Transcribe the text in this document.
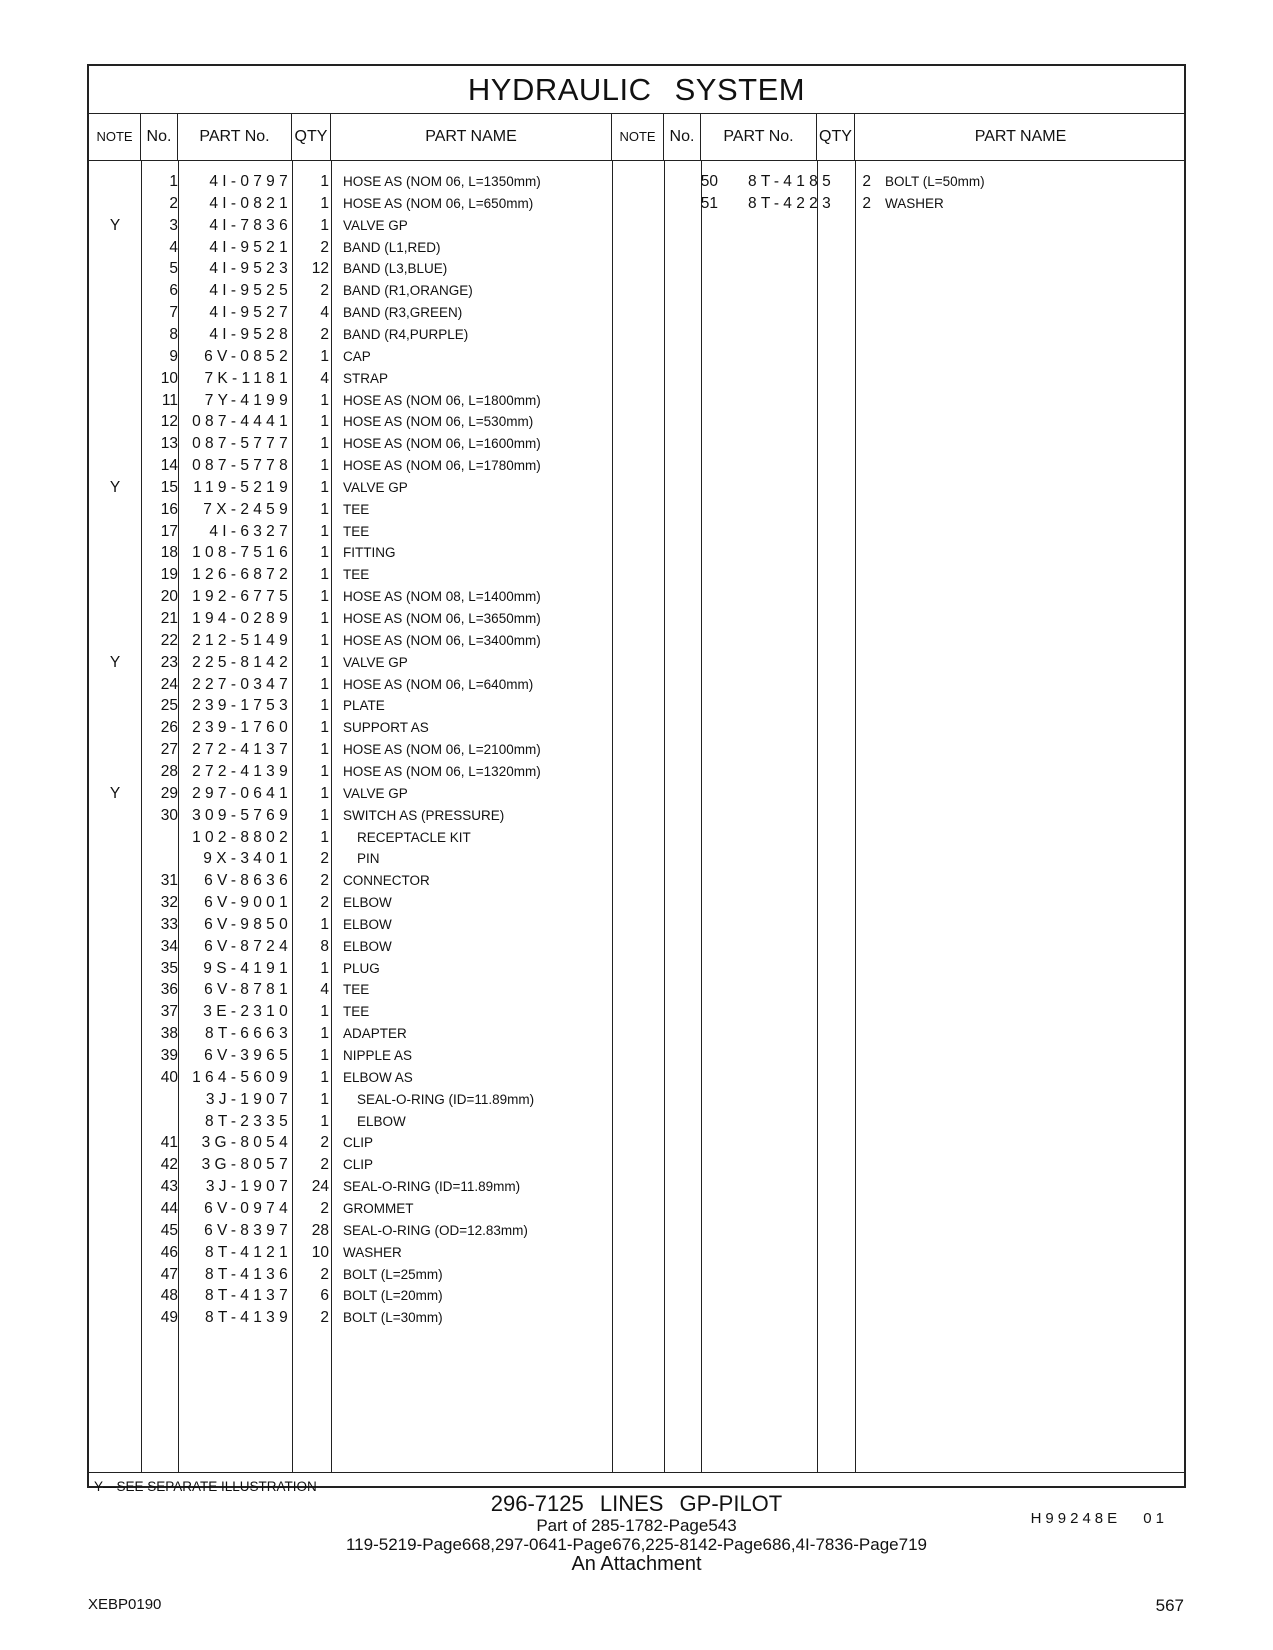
HYDRAULIC SYSTEM
NOTE No.	PART No.	QTY	PART NAME	NOTE No.	PART No.	QTY	PART NAME
1	4I-0797	1 HOSE AS (NOM 06, L=1350mm)
2	4I-0821	1 HOSE AS (NOM 06, L=650mm)
Y	3	4I-7836	1 VALVE GP
4	4I-9521	2 BAND (L1,RED)
5	4I-9523	12 BAND (L3,BLUE)
6	4I-9525	2 BAND (R1,ORANGE)
7	4I-9527	4 BAND (R3,GREEN)
8	4I-9528	2 BAND (R4,PURPLE)
9	6V-0852	1 CAP
10	7K-1181	4 STRAP
11	7Y-4199	1 HOSE AS (NOM 06, L=1800mm)
12 087-4441	1 HOSE AS (NOM 06, L=530mm)
13 087-5777	1 HOSE AS (NOM 06, L=1600mm)
14 087-5778	1 HOSE AS (NOM 06, L=1780mm)
Y	15 119-5219	1 VALVE GP
16	7X-2459	1 TEE
17	4I-6327	1 TEE
18 108-7516	1 FITTING
19 126-6872	1 TEE
20 192-6775	1 HOSE AS (NOM 08, L=1400mm)
21 194-0289	1 HOSE AS (NOM 06, L=3650mm)
22 212-5149	1 HOSE AS (NOM 06, L=3400mm)
Y	23 225-8142	1 VALVE GP
24 227-0347	1 HOSE AS (NOM 06, L=640mm)
25 239-1753	1 PLATE
26 239-1760	1 SUPPORT AS
27 272-4137	1 HOSE AS (NOM 06, L=2100mm)
28 272-4139	1 HOSE AS (NOM 06, L=1320mm)
Y	29 297-0641	1 VALVE GP
30 309-5769	1 SWITCH AS (PRESSURE)
102-8802	1 RECEPTACLE KIT
9X-3401	2 PIN
31	6V-8636	2 CONNECTOR
32	6V-9001	2 ELBOW
33	6V-9850	1 ELBOW
34	6V-8724	8 ELBOW
35	9S-4191	1 PLUG
36	6V-8781	4 TEE
37	3E-2310	1 TEE
38	8T-6663	1 ADAPTER
39	6V-3965	1 NIPPLE AS
40 164-5609	1 ELBOW AS
3J-1907	1 SEAL-O-RING (ID=11.89mm)
8T-2335	1 ELBOW
41	3G-8054	2 CLIP
42	3G-8057	2 CLIP
43	3J-1907	24 SEAL-O-RING (ID=11.89mm)
44	6V-0974	2 GROMMET
45	6V-8397	28 SEAL-O-RING (OD=12.83mm)
46	8T-4121	10 WASHER
47	8T-4136	2 BOLT (L=25mm)
48	8T-4137	6 BOLT (L=20mm)
49	8T-4139	2 BOLT (L=30mm)
50	8T-4185	2 BOLT (L=50mm)
51	8T-4223	2 WASHER
Y—SEE SEPARATE ILLUSTRATION
H99248E 01
296-7125 LINES GP-PILOT
Part of 285-1782-Page543
119-5219-Page668,297-0641-Page676,225-8142-Page686,4I-7836-Page719
An Attachment
XEBP0190	567
